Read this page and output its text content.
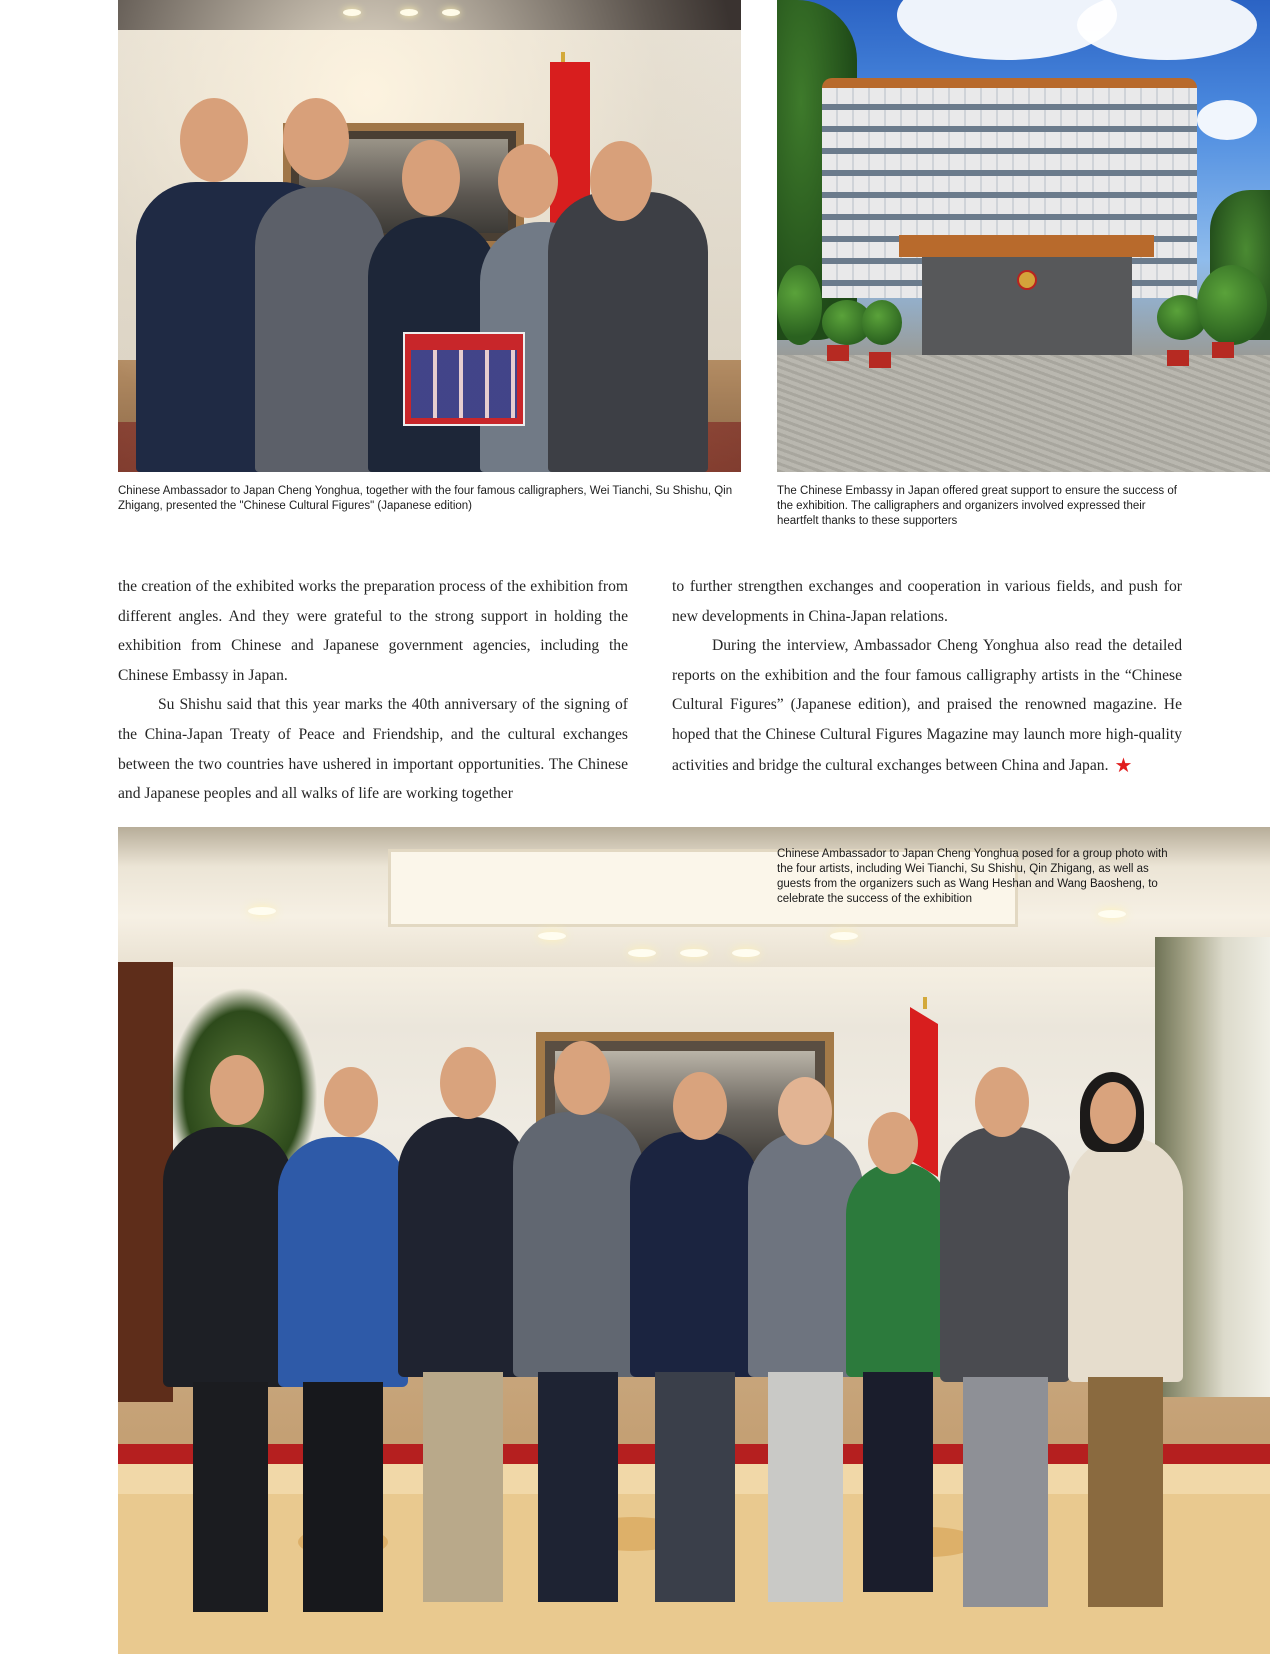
Chinese Ambassador to Japan Cheng Yonghua, together with the four famous calligraphers, Wei Tianchi, Su Shishu, Qin Zhigang, presented the "Chinese Cultural Figures" (Japanese edition)

The Chinese Embassy in Japan offered great support to ensure the success of the exhibition. The calligraphers and organizers involved expressed their heartfelt thanks to these supporters

the creation of the exhibited works the preparation process of the exhibition from different angles. And they were grateful to the strong support in holding the exhibition from Chinese and Japanese government agencies, including the Chinese Embassy in Japan.

Su Shishu said that this year marks the 40th anniversary of the signing of the China-Japan Treaty of Peace and Friendship, and the cultural exchanges between the two countries have ushered in important opportunities. The Chinese and Japanese peoples and all walks of life are working together

to further strengthen exchanges and cooperation in various fields, and push for new developments in China-Japan relations.

During the interview, Ambassador Cheng Yonghua also read the detailed reports on the exhibition and the four famous calligraphy artists in the “Chinese Cultural Figures” (Japanese edition), and praised the renowned magazine. He hoped that the Chinese Cultural Figures Magazine may launch more high-quality activities and bridge the cultural exchanges between China and Japan. ★

Chinese Ambassador to Japan Cheng Yonghua posed for a group photo with the four artists, including Wei Tianchi, Su Shishu, Qin Zhigang, as well as guests from the organizers such as Wang Heshan and Wang Baosheng, to celebrate the success of the exhibition
